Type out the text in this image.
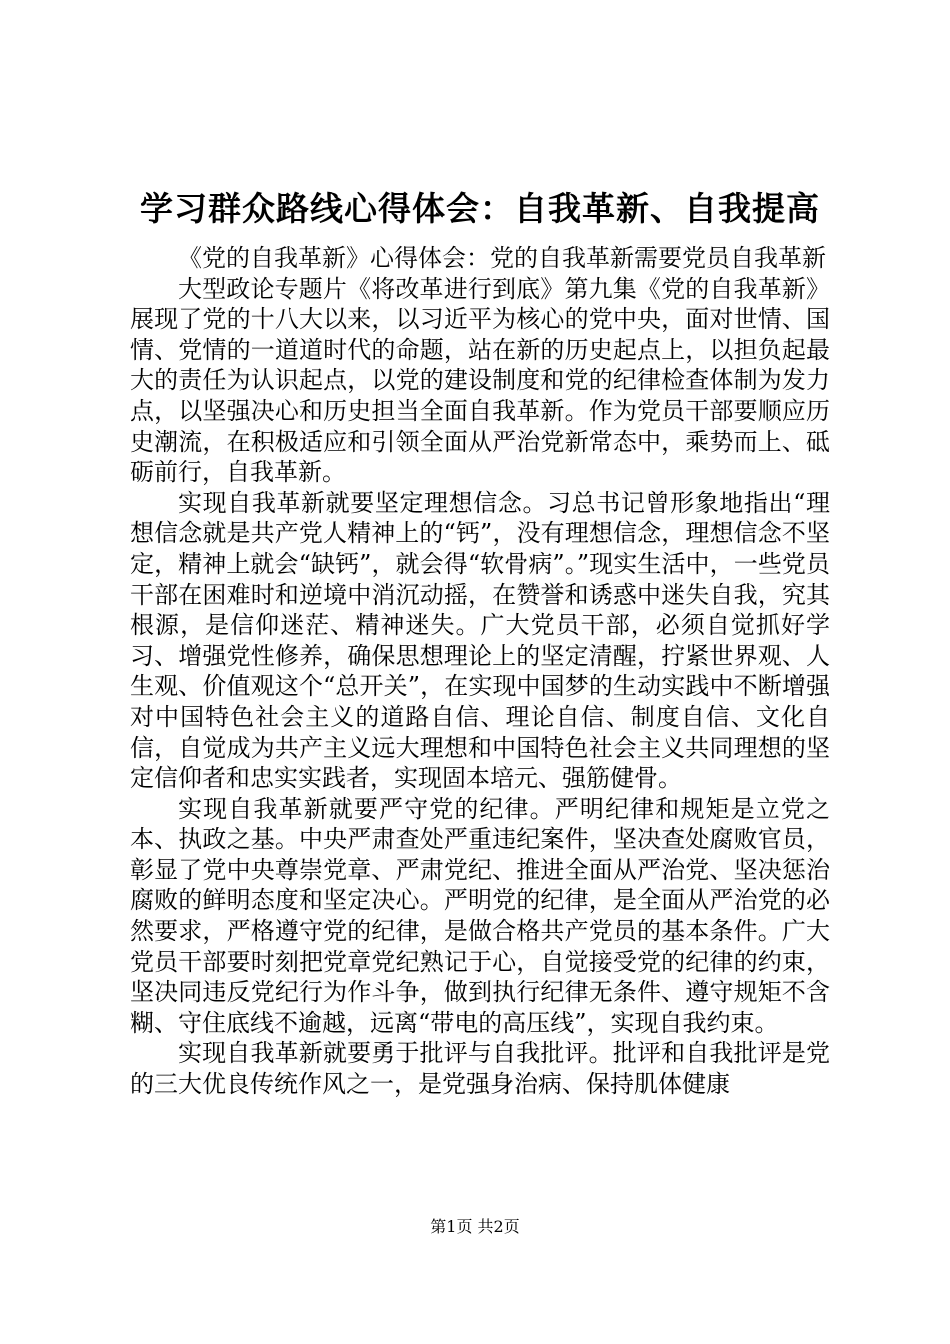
学习群众路线心得体会：自我革新、自我提高

《党的自我革新》心得体会：党的自我革新需要党员自我革新

大型政论专题片《将改革进行到底》第九集《党的自我革新》展现了党的十八大以来，以习近平为核心的党中央，面对世情、国情、党情的一道道时代的命题，站在新的历史起点上，以担负起最大的责任为认识起点，以党的建设制度和党的纪律检查体制为发力点，以坚强决心和历史担当全面自我革新。作为党员干部要顺应历史潮流，在积极适应和引领全面从严治党新常态中，乘势而上、砥砺前行，自我革新。

实现自我革新就要坚定理想信念。习总书记曾形象地指出“理想信念就是共产党人精神上的“钙”，没有理想信念，理想信念不坚定，精神上就会“缺钙”，就会得“软骨病”。”现实生活中，一些党员干部在困难时和逆境中消沉动摇，在赞誉和诱惑中迷失自我，究其根源，是信仰迷茫、精神迷失。广大党员干部，必须自觉抓好学习、增强党性修养，确保思想理论上的坚定清醒，拧紧世界观、人生观、价值观这个“总开关”，在实现中国梦的生动实践中不断增强对中国特色社会主义的道路自信、理论自信、制度自信、文化自信，自觉成为共产主义远大理想和中国特色社会主义共同理想的坚定信仰者和忠实实践者，实现固本培元、强筋健骨。

实现自我革新就要严守党的纪律。严明纪律和规矩是立党之本、执政之基。中央严肃查处严重违纪案件，坚决查处腐败官员，彰显了党中央尊崇党章、严肃党纪、推进全面从严治党、坚决惩治腐败的鲜明态度和坚定决心。严明党的纪律，是全面从严治党的必然要求，严格遵守党的纪律，是做合格共产党员的基本条件。广大党员干部要时刻把党章党纪熟记于心，自觉接受党的纪律的约束，坚决同违反党纪行为作斗争，做到执行纪律无条件、遵守规矩不含糊、守住底线不逾越，远离“带电的高压线”，实现自我约束。

实现自我革新就要勇于批评与自我批评。批评和自我批评是党的三大优良传统作风之一，是党强身治病、保持肌体健康

第1页 共2页
